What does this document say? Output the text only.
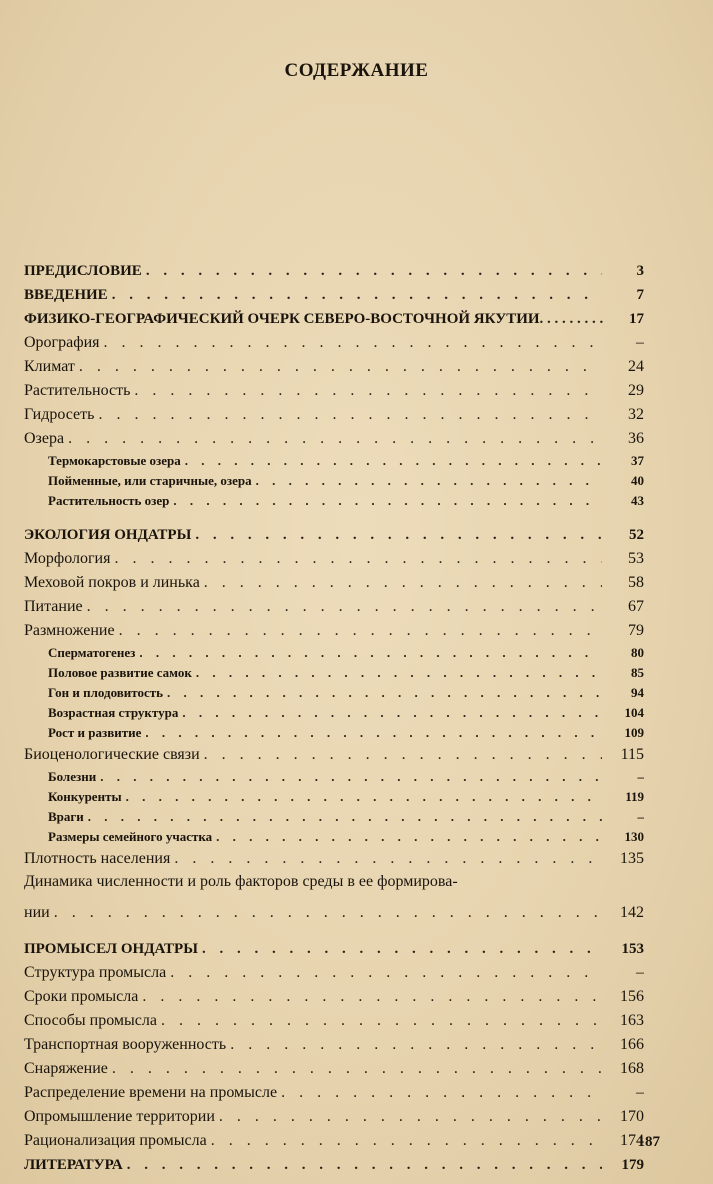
СОДЕРЖАНИЕ
ПРЕДИСЛОВИЕ . . .	3
ВВЕДЕНИЕ . . .	7
ФИЗИКО-ГЕОГРАФИЧЕСКИЙ ОЧЕРК СЕВЕРО-ВОСТОЧНОЙ ЯКУТИИ . . .	17
Орография . . .	–
Климат . . .	24
Растительность . . .	29
Гидросеть . . .	32
Озера . . .	36
Термокарстовые озера . . .	37
Пойменные, или старичные, озера . . .	40
Растительность озер . . .	43
ЭКОЛОГИЯ ОНДАТРЫ . . .	52
Морфология . . .	53
Меховой покров и линька . . .	58
Питание . . .	67
Размножение . . .	79
Сперматогенез . . .	80
Половое развитие самок . . .	85
Гон и плодовитость . . .	94
Возрастная структура . . .	104
Рост и развитие . . .	109
Биоценологические связи . . .	115
Болезни . . .	–
Конкуренты . . .	119
Враги . . .	–
Размеры семейного участка . . .	130
Плотность населения . . .	135
Динамика численности и роль факторов среды в ее формирова-
нии . . .	142
ПРОМЫСЕЛ ОНДАТРЫ . . .	153
Структура промысла . . .	–
Сроки промысла . . .	156
Способы промысла . . .	163
Транспортная вооруженность . . .	166
Снаряжение . . .	168
Распределение времени на промысле . . .	–
Опромышление территории . . .	170
Рационализация промысла . . .	174
ЛИТЕРАТУРА . . .	179
187
